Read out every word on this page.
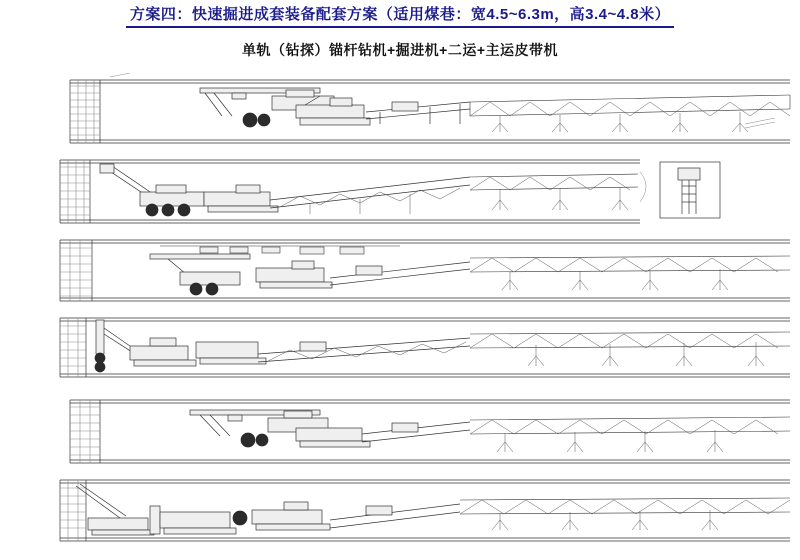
方案四：快速掘进成套装备配套方案（适用煤巷：宽4.5~6.3m，高3.4~4.8米）
单轨（钻探）锚杆钻机+掘进机+二运+主运皮带机
